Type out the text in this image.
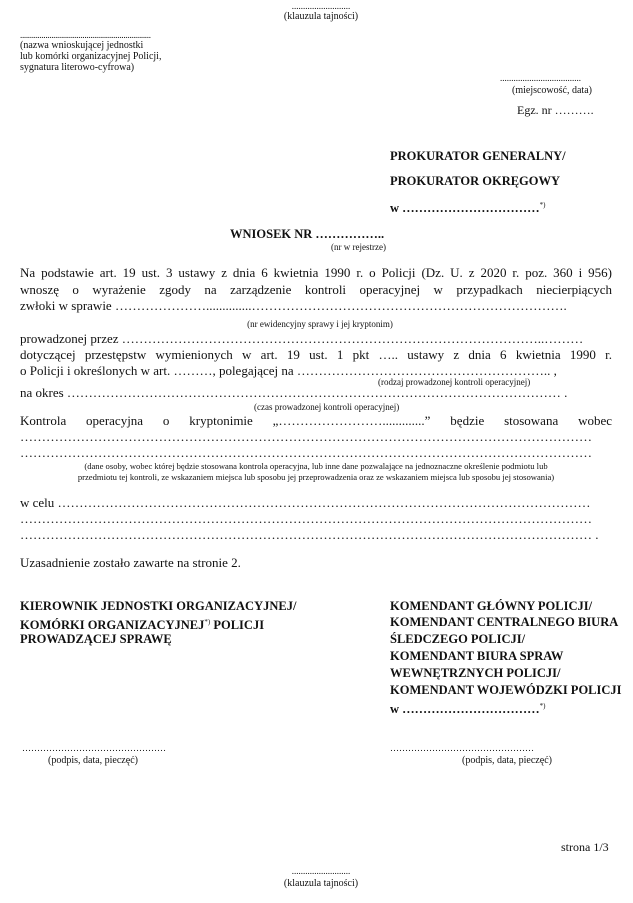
..........................
(klauzula tajności)
...................................................................
(nazwa wnioskującej jednostki
lub komórki organizacyjnej Policji,
sygnatura literowo-cyfrowa)
....................................
(miejscowość, data)
Egz. nr ……….
PROKURATOR GENERALNY/
PROKURATOR OKRĘGOWY
w ……………………………*)
WNIOSEK NR ……………..
(nr w rejestrze)
Na podstawie art. 19 ust. 3 ustawy z dnia 6 kwietnia 1990 r. o Policji (Dz. U. z 2020 r. poz. 360 i 956)
wnoszę o wyrażenie zgody na zarządzenie kontroli operacyjnej w przypadkach niecierpiących
zwłoki w sprawie …………………..............……………………………………………………………….
(nr ewidencyjny sprawy i jej kryptonim)
prowadzonej przez ……………………………………………………………………………………..………
dotyczącej przestępstw wymienionych w art. 19 ust. 1 pkt ….. ustawy z dnia 6 kwietnia 1990 r.
o Policji i określonych w art. ………, polegającej na ………………………………………………….. ,
(rodzaj prowadzonej kontroli operacyjnej)
na okres …………………………………………………………………………………………………… .
(czas prowadzonej kontroli operacyjnej)
Kontrola operacyjna o kryptonimie „…………………….............” będzie stosowana wobec
……………………………………………………………………………………………………………………
……………………………………………………………………………………………………………………
(dane osoby, wobec której będzie stosowana kontrola operacyjna, lub inne dane pozwalające na jednoznaczne określenie podmiotu lub
przedmiotu tej kontroli, ze wskazaniem miejsca lub sposobu jej przeprowadzenia oraz ze wskazaniem miejsca lub sposobu jej stosowania)
w celu ……………………………………………………………………………………………………………
……………………………………………………………………………………………………………………
…………………………………………………………………………………………………………………… .
Uzasadnienie zostało zawarte na stronie 2.
KIEROWNIK JEDNOSTKI ORGANIZACYJNEJ/
KOMÓRKI ORGANIZACYJNEJ*) POLICJI
PROWADZĄCEJ SPRAWĘ
…………………………………………
(podpis, data, pieczęć)
KOMENDANT GŁÓWNY POLICJI/
KOMENDANT CENTRALNEGO BIURA
ŚLEDCZEGO POLICJI/
KOMENDANT BIURA SPRAW
WEWNĘTRZNYCH POLICJI/
KOMENDANT WOJEWÓDZKI POLICJI
w ……………………………*)
…………………………………………
(podpis, data, pieczęć)
strona 1/3
..........................
(klauzula tajności)
